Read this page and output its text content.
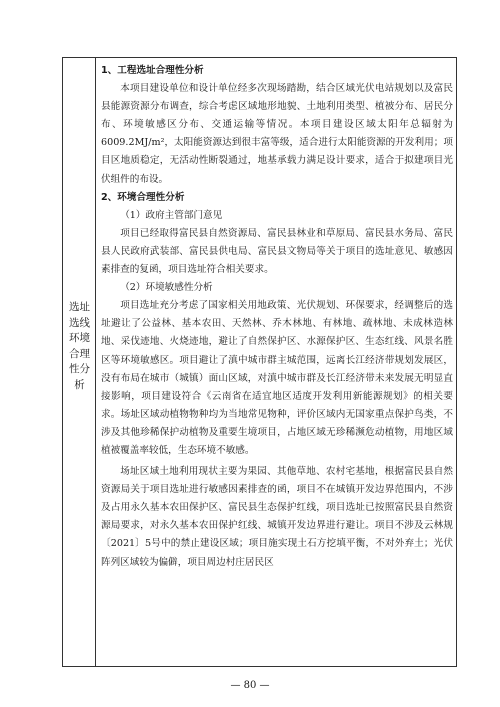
选址
选线
环境
合理
性分
析

1、工程选址合理性分析

本项目建设单位和设计单位经多次现场踏勘，结合区域光伏电站规划以及富民县能源资源分布调查，综合考虑区域地形地貌、土地利用类型、植被分布、居民分布、环境敏感区分布、交通运输等情况。本项目建设区域太阳年总辐射为6009.2MJ/m²，太阳能资源达到很丰富等级，适合进行太阳能资源的开发利用；项目区地质稳定，无活动性断裂通过，地基承载力满足设计要求，适合于拟建项目光伏组件的布设。

2、环境合理性分析

（1）政府主管部门意见

项目已经取得富民县自然资源局、富民县林业和草原局、富民县水务局、富民县人民政府武装部、富民县供电局、富民县文物局等关于项目的选址意见、敏感因素排查的复函，项目选址符合相关要求。

（2）环境敏感性分析

项目选址充分考虑了国家相关用地政策、光伏规划、环保要求，经调整后的选址避让了公益林、基本农田、天然林、乔木林地、有林地、疏林地、未成林造林地、采伐迹地、火烧迹地，避让了自然保护区、水源保护区、生态红线、风景名胜区等环境敏感区。项目避让了滇中城市群主城范围，远离长江经济带规划发展区，没有布局在城市（城镇）面山区域，对滇中城市群及长江经济带未来发展无明显直接影响，项目建设符合《云南省在适宜地区适度开发利用新能源规划》的相关要求。场址区域动植物物种均为当地常见物种，评价区域内无国家重点保护鸟类，不涉及其他珍稀保护动植物及重要生境项目，占地区域无珍稀濒危动植物，用地区域植被覆盖率较低，生态环境不敏感。

场址区域土地利用现状主要为果园、其他草地、农村宅基地，根据富民县自然资源局关于项目选址进行敏感因素排查的函，项目不在城镇开发边界范围内，不涉及占用永久基本农田保护区、富民县生态保护红线，项目选址已按照富民县自然资源局要求，对永久基本农田保护红线、城镇开发边界进行避让。项目不涉及云林规〔2021〕5号中的禁止建设区域；项目施实现土石方挖填平衡，不对外弃土；光伏阵列区域较为偏僻，项目周边村庄居民区

— 80 —
